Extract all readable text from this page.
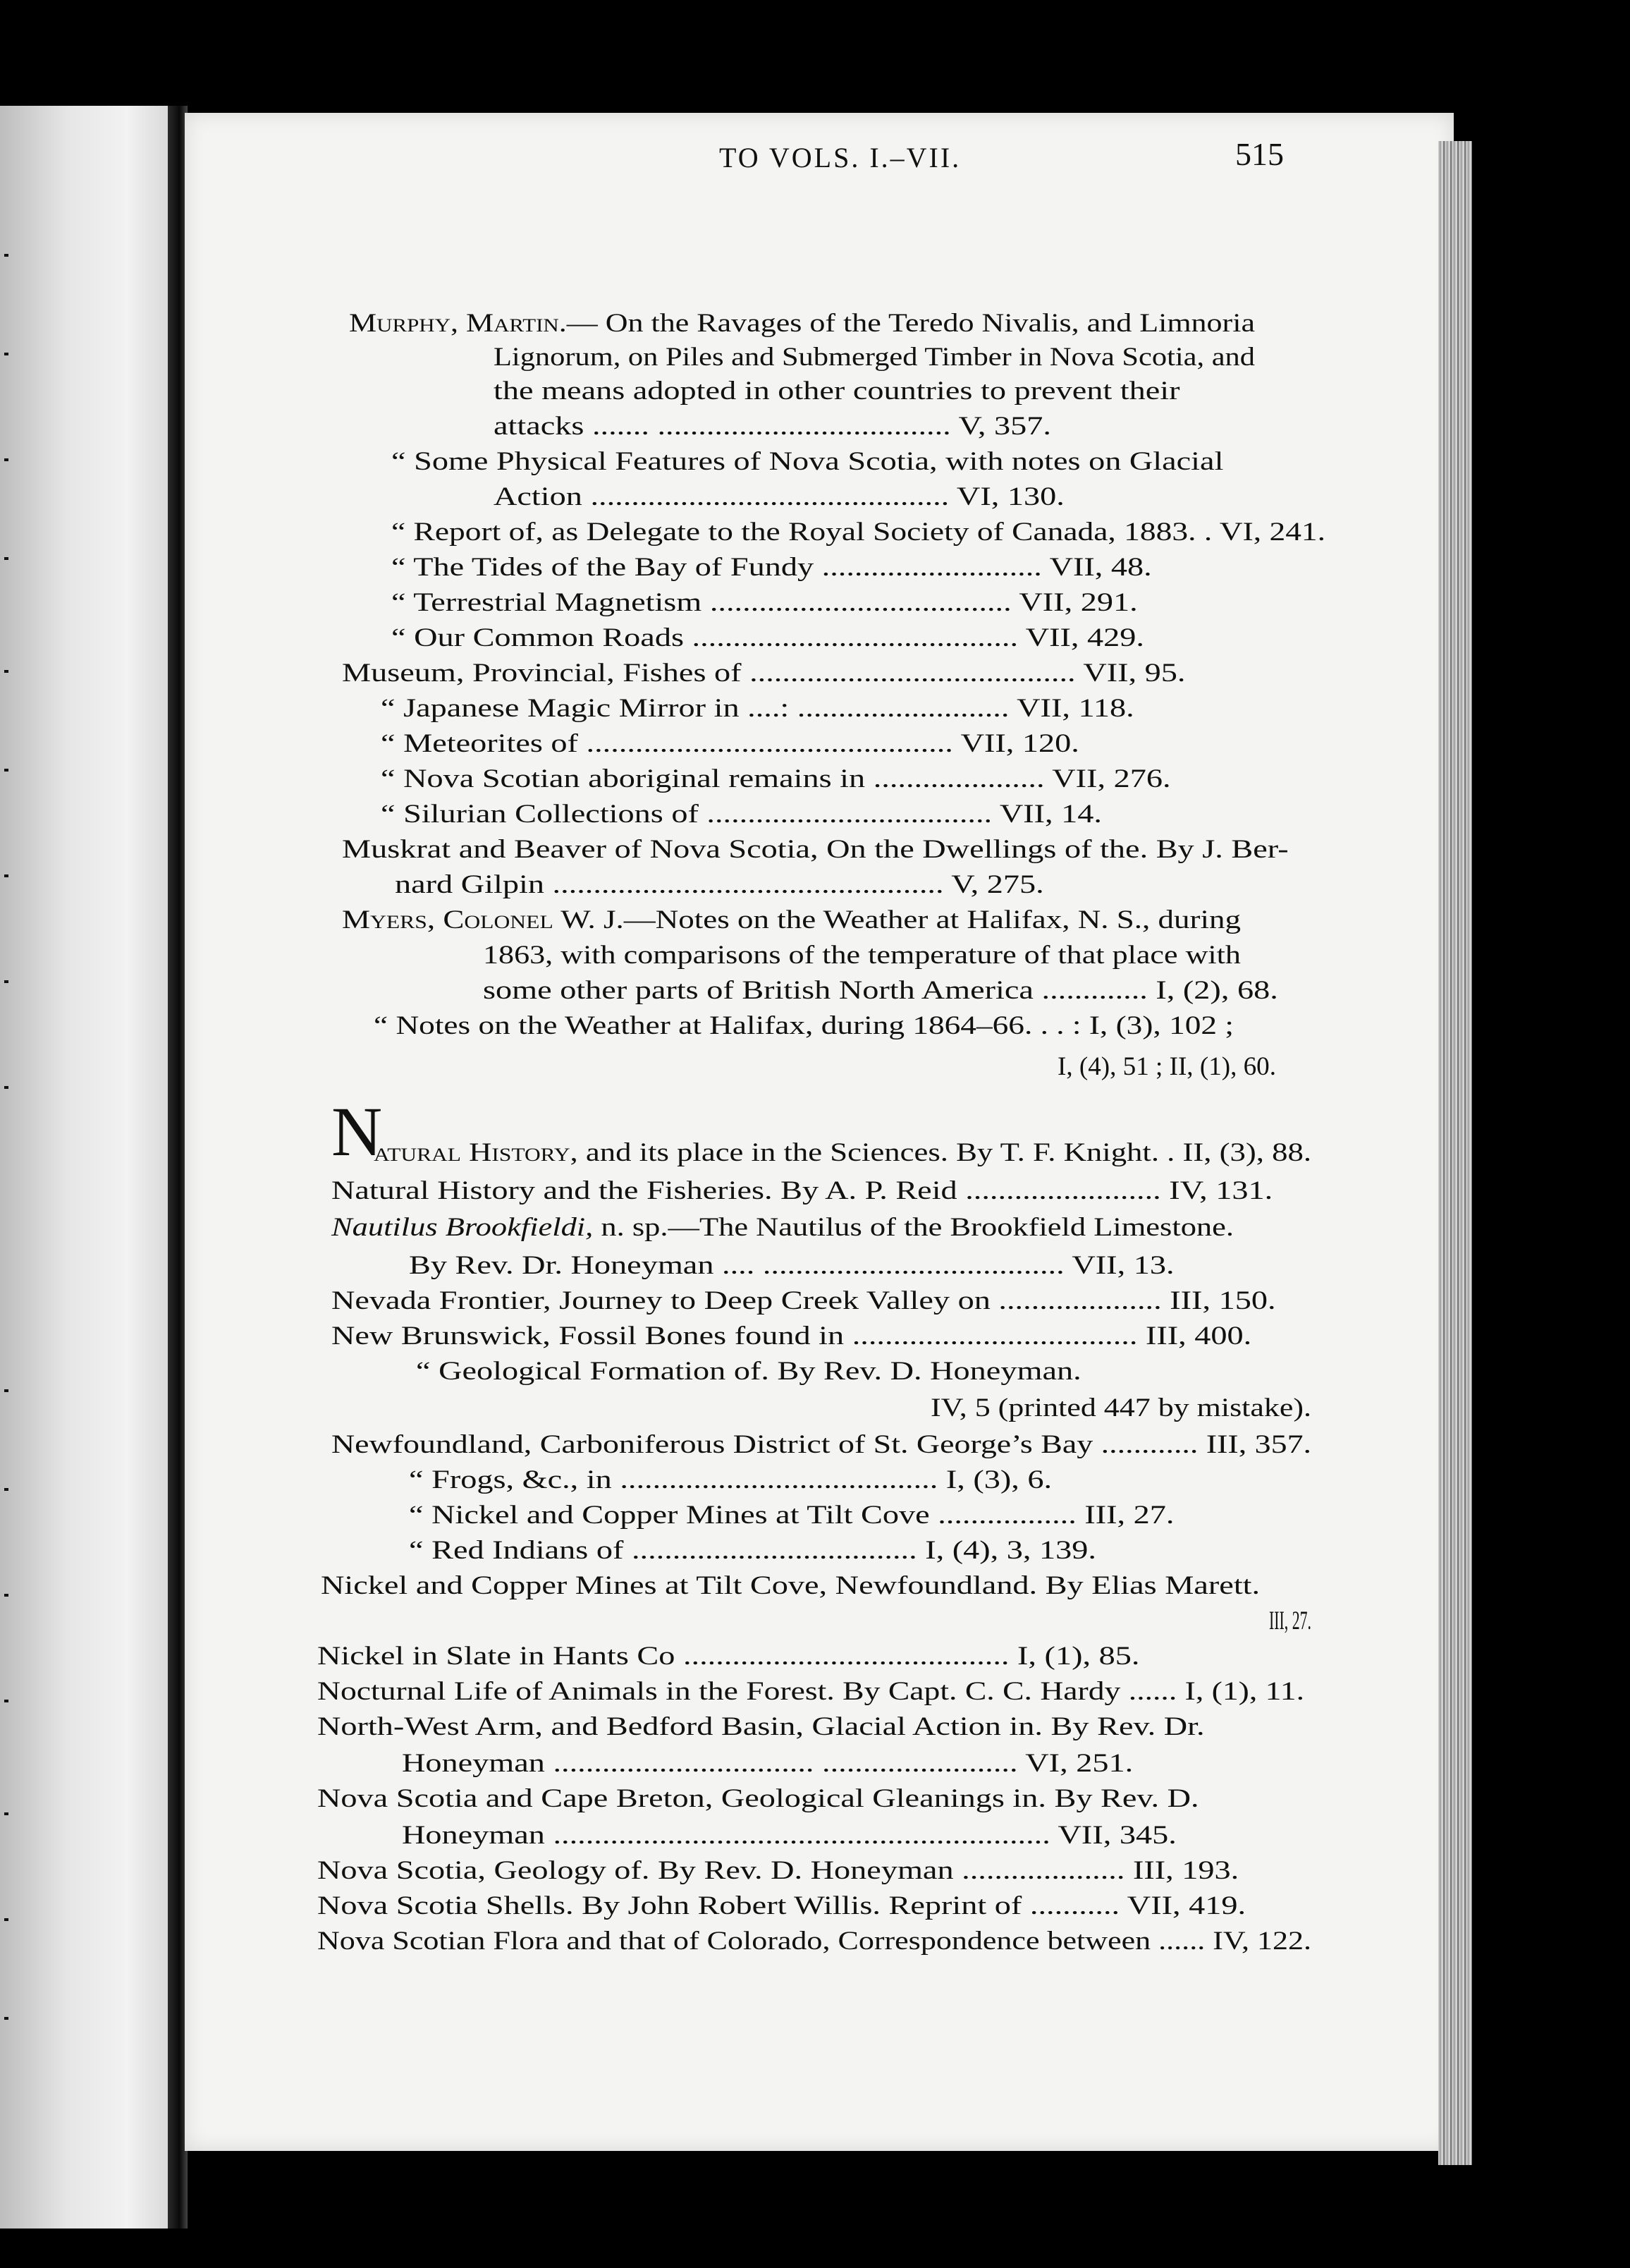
TO VOLS. I.–VII.	515
N
Murphy, Martin.— On the Ravages of the Teredo Nivalis, and Limnoria
Lignorum, on Piles and Submerged Timber in Nova Scotia, and
the means adopted in other countries to prevent their
attacks ....... .................................... V, 357.
“ Some Physical Features of Nova Scotia, with notes on Glacial
Action ............................................ VI, 130.
“ Report of, as Delegate to the Royal Society of Canada, 1883. . VI, 241.
“ The Tides of the Bay of Fundy ........................... VII, 48.
“ Terrestrial Magnetism ..................................... VII, 291.
“ Our Common Roads ........................................ VII, 429.
Museum, Provincial, Fishes of ........................................ VII, 95.
“ Japanese Magic Mirror in ....: .......................... VII, 118.
“ Meteorites of ............................................. VII, 120.
“ Nova Scotian aboriginal remains in ..................... VII, 276.
“ Silurian Collections of ................................... VII, 14.
Muskrat and Beaver of Nova Scotia, On the Dwellings of the. By J. Ber-
nard Gilpin ................................................ V, 275.
Myers, Colonel W. J.—Notes on the Weather at Halifax, N. S., during
1863, with comparisons of the temperature of that place with
some other parts of British North America ............. I, (2), 68.
“ Notes on the Weather at Halifax, during 1864–66. . . : I, (3), 102 ;
I, (4), 51 ; II, (1), 60.
atural History, and its place in the Sciences. By T. F. Knight. . II, (3), 88.
Natural History and the Fisheries. By A. P. Reid ........................ IV, 131.
Nautilus Brookfieldi, n. sp.—The Nautilus of the Brookfield Limestone.
By Rev. Dr. Honeyman .... ..................................... VII, 13.
Nevada Frontier, Journey to Deep Creek Valley on .................... III, 150.
New Brunswick, Fossil Bones found in ................................... III, 400.
“ Geological Formation of. By Rev. D. Honeyman.
IV, 5 (printed 447 by mistake).
Newfoundland, Carboniferous District of St. George’s Bay ............ III, 357.
“ Frogs, &c., in ....................................... I, (3), 6.
“ Nickel and Copper Mines at Tilt Cove ................. III, 27.
“ Red Indians of ................................... I, (4), 3, 139.
Nickel and Copper Mines at Tilt Cove, Newfoundland. By Elias Marett.
III, 27.
Nickel in Slate in Hants Co ........................................ I, (1), 85.
Nocturnal Life of Animals in the Forest. By Capt. C. C. Hardy ...... I, (1), 11.
North-West Arm, and Bedford Basin, Glacial Action in. By Rev. Dr.
Honeyman ................................ ........................ VI, 251.
Nova Scotia and Cape Breton, Geological Gleanings in. By Rev. D.
Honeyman ............................................................. VII, 345.
Nova Scotia, Geology of. By Rev. D. Honeyman .................... III, 193.
Nova Scotia Shells. By John Robert Willis. Reprint of ........... VII, 419.
Nova Scotian Flora and that of Colorado, Correspondence between ...... IV, 122.
